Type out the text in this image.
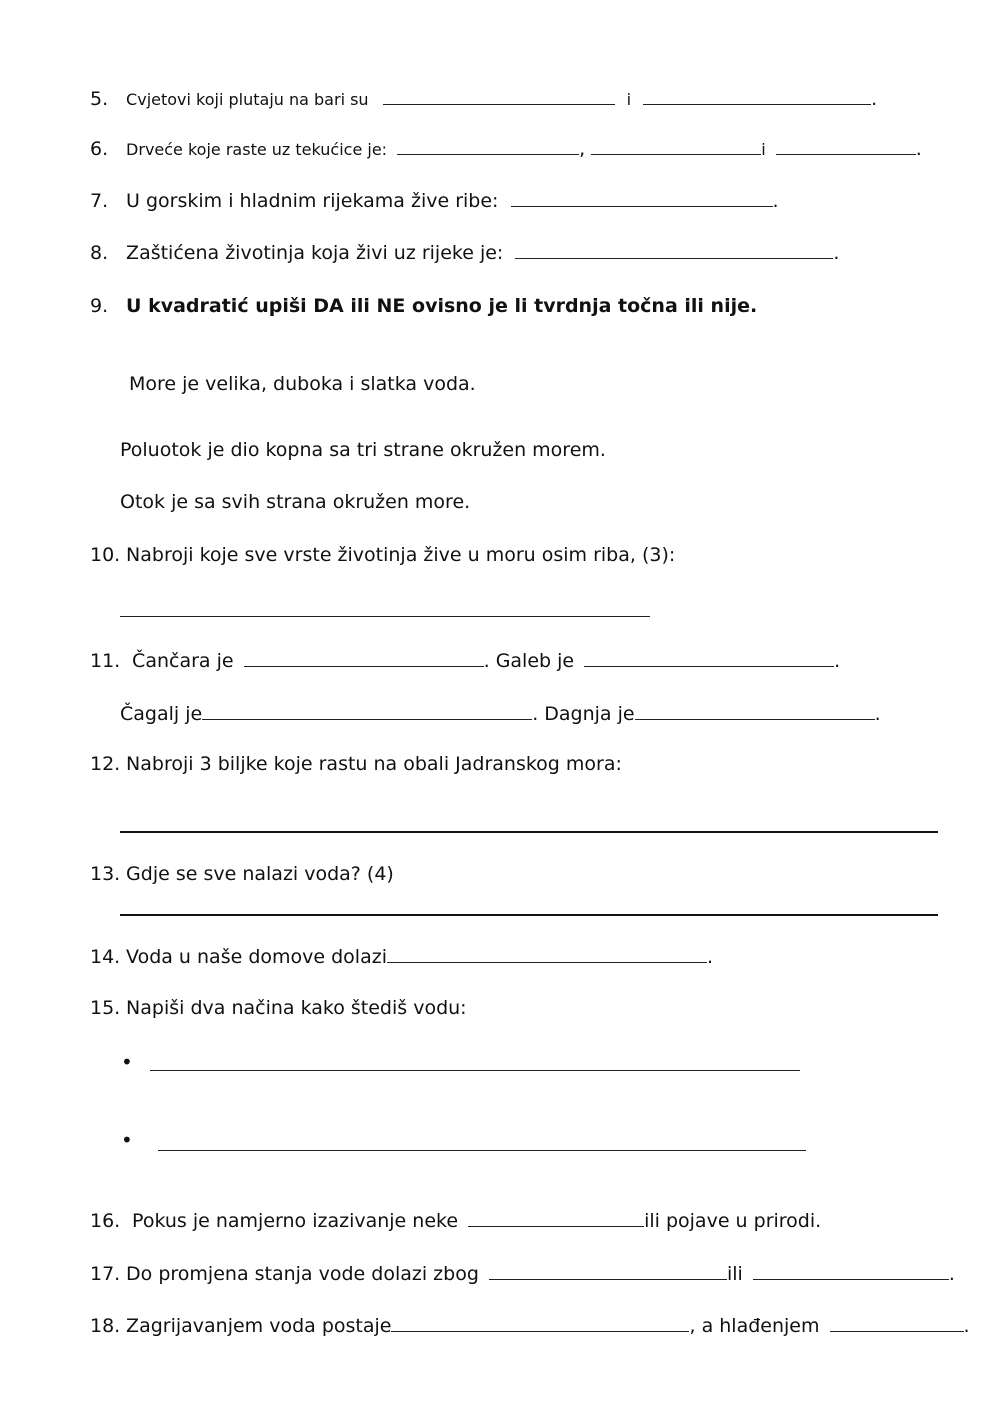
5. Cvjetovi koji plutaju na bari su	i	.
6. Drveće koje raste uz tekućice je:	,	i	.
7. U gorskim i hladnim rijekama žive ribe:	.
8. Zaštićena životinja koja živi uz rijeke je:	.
9. U kvadratić upiši DA ili NE ovisno je li tvrdnja točna ili nije.
More je velika, duboka i slatka voda.
Poluotok je dio kopna sa tri strane okružen morem.
Otok je sa svih strana okružen more.
10. Nabroji koje sve vrste životinja žive u moru osim riba, (3):
11. Čančara je	. Galeb je	.
Čagalj je	. Dagnja je	.
12. Nabroji 3 biljke koje rastu na obali Jadranskog mora:
13. Gdje se sve nalazi voda? (4)
14. Voda u naše domove dolazi	.
15. Napiši dva načina kako štediš vodu:
•
•
16. Pokus je namjerno izazivanje neke	ili pojave u prirodi.
17. Do promjena stanja vode dolazi zbog	ili	.
18. Zagrijavanjem voda postaje	, a hlađenjem	.
